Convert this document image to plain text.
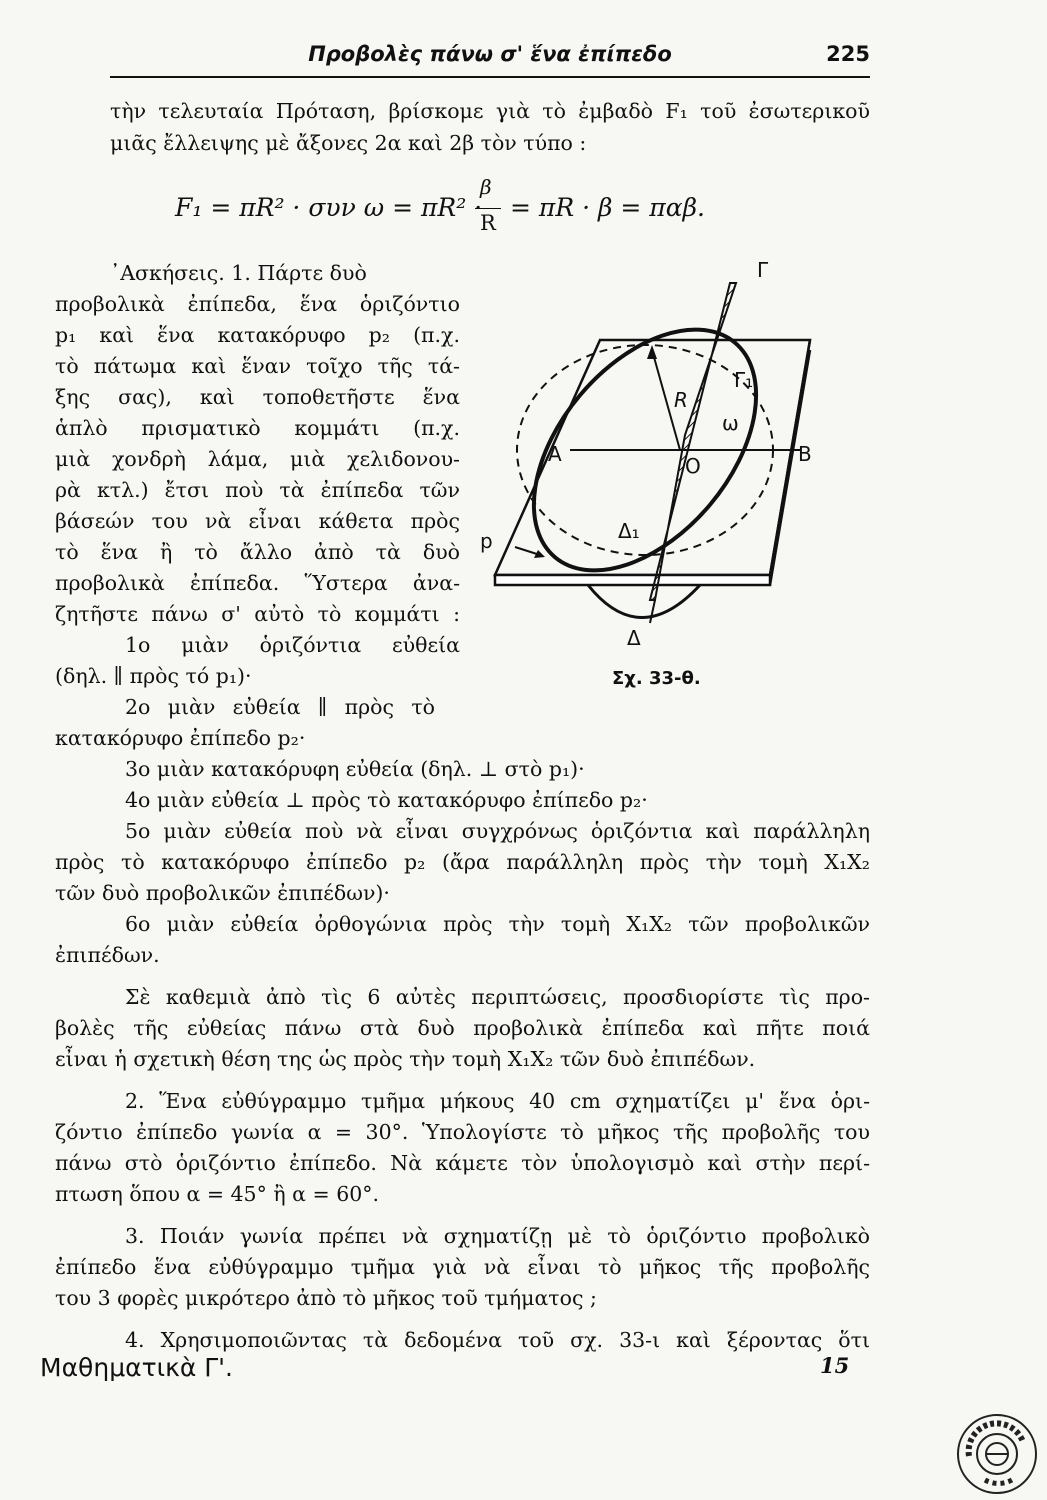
Προβολὲς πάνω σ' ἕνα ἐπίπεδο	225
τὴν τελευταία Πρόταση, βρίσκομε γιὰ τὸ ἐμβαδὸ F₁ τοῦ ἐσωτερικοῦ
μιᾶς ἔλλειψης μὲ ἄξονες 2α καὶ 2β τὸν τύπο :
F₁ = πR² · συν ω = πR² ·
β
R
= πR · β = παβ.
᾿Ασκήσεις. 1. Πάρτε δυὸ
προβολικὰ ἐπίπεδα, ἕνα ὁριζόντιο
p₁ καὶ ἕνα κατακόρυφο p₂ (π.χ.
τὸ πάτωμα καὶ ἕναν τοῖχο τῆς τά-
ξης σας), καὶ τοποθετῆστε ἕνα
ἁπλὸ πρισματικὸ κομμάτι (π.χ.
μιὰ χονδρὴ λάμα, μιὰ χελιδονου-
ρὰ κτλ.) ἔτσι ποὺ τὰ ἐπίπεδα τῶν
βάσεών του νὰ εἶναι κάθετα πρὸς
τὸ ἕνα ἢ τὸ ἄλλο ἀπὸ τὰ δυὸ
προβολικὰ ἐπίπεδα. Ὕστερα ἀνα-
ζητῆστε πάνω σ' αὐτὸ τὸ κομμάτι :
1ο μιὰν ὁριζόντια εὐθεία
(δηλ. ∥ πρὸς τό p₁)·
2ο μιὰν εὐθεία ∥ πρὸς τὸ
κατακόρυφο ἐπίπεδο p₂·
3ο μιὰν κατακόρυφη εὐθεία (δηλ. ⊥ στὸ p₁)·
4ο μιὰν εὐθεία ⊥ πρὸς τὸ κατακόρυφο ἐπίπεδο p₂·
5ο μιὰν εὐθεία ποὺ νὰ εἶναι συγχρόνως ὁριζόντια καὶ παράλληλη
πρὸς τὸ κατακόρυφο ἐπίπεδο p₂ (ἄρα παράλληλη πρὸς τὴν τομὴ X₁X₂
τῶν δυὸ προβολικῶν ἐπιπέδων)·
6ο μιὰν εὐθεία ὀρθογώνια πρὸς τὴν τομὴ X₁X₂ τῶν προβολικῶν
ἐπιπέδων.
Σὲ καθεμιὰ ἀπὸ τὶς 6 αὐτὲς περιπτώσεις, προσδιορίστε τὶς προ-
βολὲς τῆς εὐθείας πάνω στὰ δυὸ προβολικὰ ἐπίπεδα καὶ πῆτε ποιά
εἶναι ἡ σχετικὴ θέση της ὡς πρὸς τὴν τομὴ X₁X₂ τῶν δυὸ ἐπιπέδων.
2. Ἕνα εὐθύγραμμο τμῆμα μήκους 40 cm σχηματίζει μ' ἕνα ὁρι-
ζόντιο ἐπίπεδο γωνία α = 30°. Ὑπολογίστε τὸ μῆκος τῆς προβολῆς του
πάνω στὸ ὁριζόντιο ἐπίπεδο. Νὰ κάμετε τὸν ὑπολογισμὸ καὶ στὴν περί-
πτωση ὅπου α = 45° ἢ α = 60°.
3. Ποιάν γωνία πρέπει νὰ σχηματίζῃ μὲ τὸ ὁριζόντιο προβολικὸ
ἐπίπεδο ἕνα εὐθύγραμμο τμῆμα γιὰ νὰ εἶναι τὸ μῆκος τῆς προβολῆς
του 3 φορὲς μικρότερο ἀπὸ τὸ μῆκος τοῦ τμήματος ;
4. Χρησιμοποιῶντας τὰ δεδομένα τοῦ σχ. 33-ι καὶ ξέροντας ὅτι
Γ
Γ₁
R
ω
Α	Β
Ο
Δ₁
Δ
p
Σχ. 33-θ.
Μαθηματικὰ Γ'.	15
